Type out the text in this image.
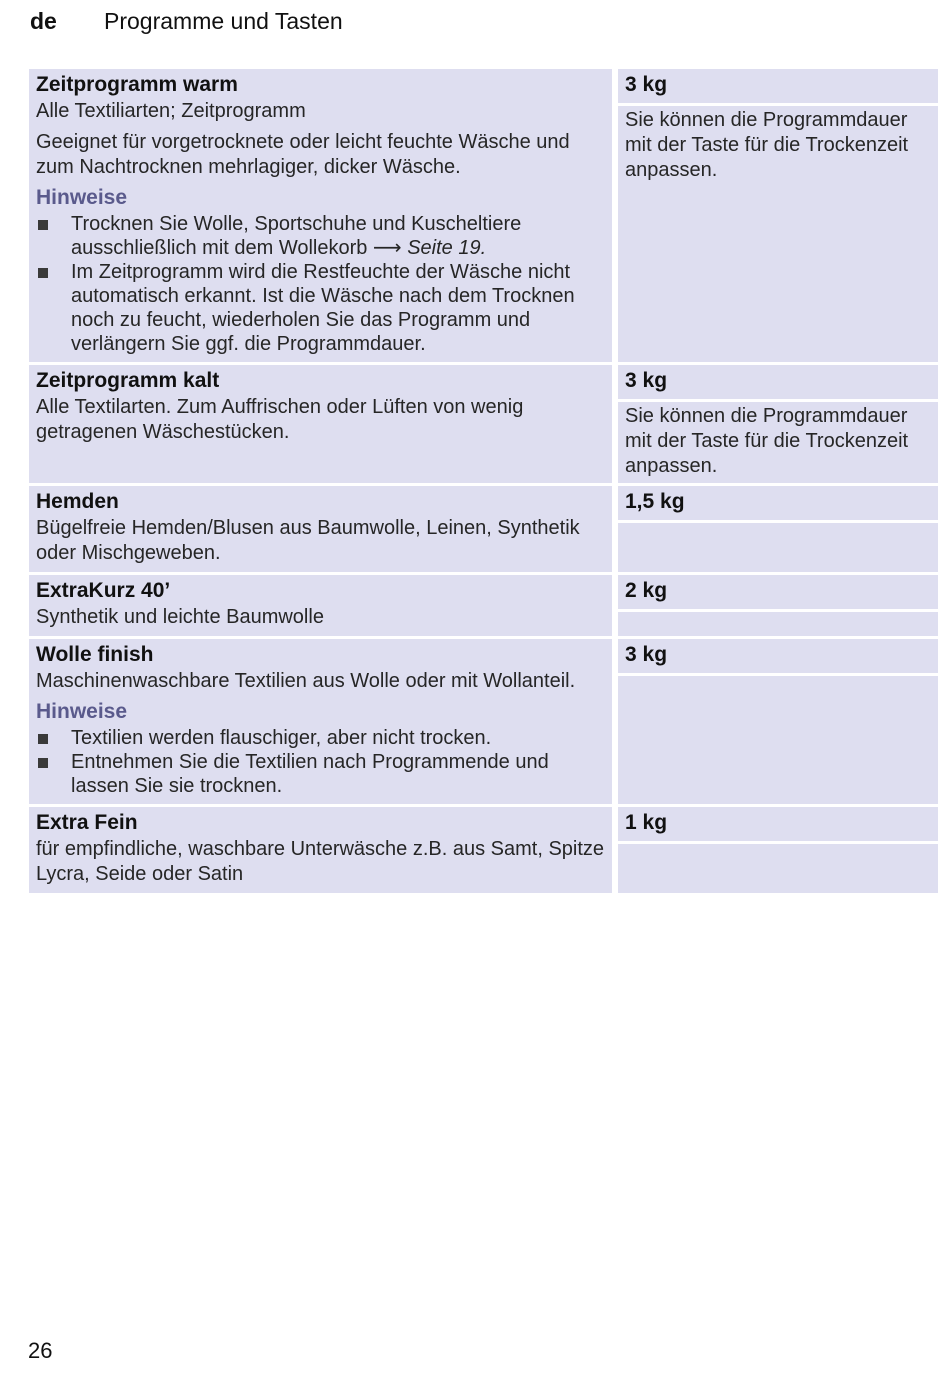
de Programme und Tasten
Zeitprogramm warm
Alle Textiliarten; Zeitprogramm
Geeignet für vorgetrocknete oder leicht feuchte Wäsche und zum Nachtrocknen mehrlagiger, dicker Wäsche.
Hinweise
Trocknen Sie Wolle, Sportschuhe und Kuscheltiere ausschließlich mit dem Wollekorb ⟶ Seite 19.
Im Zeitprogramm wird die Restfeuchte der Wäsche nicht automatisch erkannt. Ist die Wäsche nach dem Trocknen noch zu feucht, wiederholen Sie das Programm und verlängern Sie ggf. die Programmdauer.
3 kg
Sie können die Programmdauer mit der Taste für die Trockenzeit anpassen.
Zeitprogramm kalt
Alle Textilarten. Zum Auffrischen oder Lüften von wenig getragenen Wäschestücken.
3 kg
Sie können die Programmdauer mit der Taste für die Trockenzeit anpassen.
Hemden
Bügelfreie Hemden/Blusen aus Baumwolle, Leinen, Synthetik oder Mischgeweben.
1,5 kg
ExtraKurz 40’
Synthetik und leichte Baumwolle
2 kg
Wolle finish
Maschinenwaschbare Textilien aus Wolle oder mit Wollanteil.
Hinweise
Textilien werden flauschiger, aber nicht trocken.
Entnehmen Sie die Textilien nach Programmende und lassen Sie sie trocknen.
3 kg
Extra Fein
für empfindliche, waschbare Unterwäsche z.B. aus Samt, Spitze Lycra, Seide oder Satin
1 kg
26
